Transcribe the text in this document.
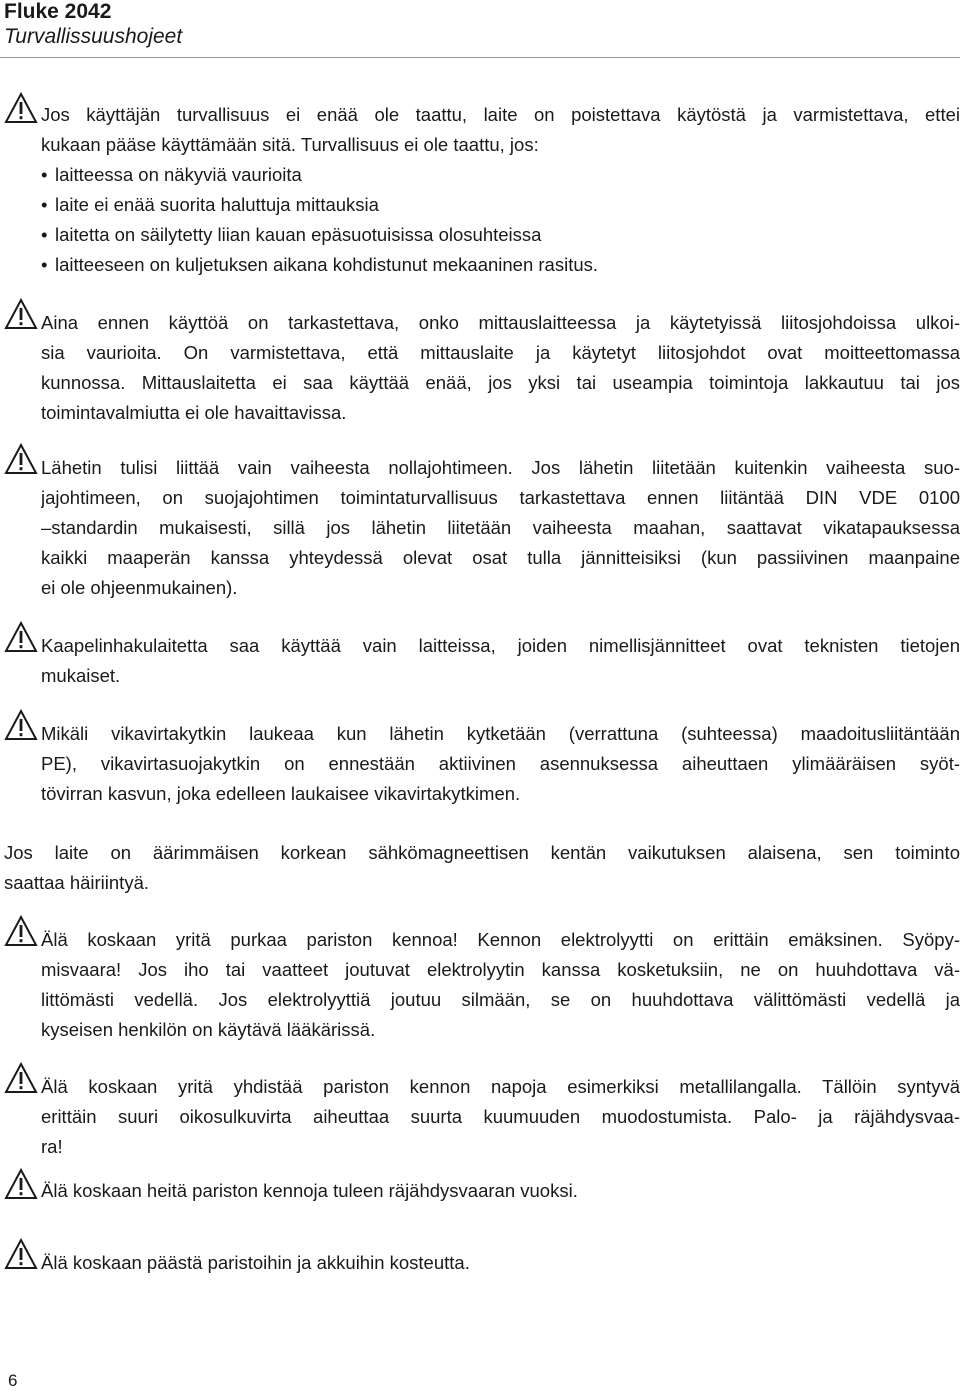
Fluke 2042
Turvallissuushojeet
Jos käyttäjän turvallisuus ei enää ole taattu, laite on poistettava käytöstä ja varmistettava, ettei
kukaan pääse käyttämään sitä. Turvallisuus ei ole taattu, jos:
• laitteessa on näkyviä vaurioita
• laite ei enää suorita haluttuja mittauksia
• laitetta on säilytetty liian kauan epäsuotuisissa olosuhteissa
• laitteeseen on kuljetuksen aikana kohdistunut mekaaninen rasitus.
Aina ennen käyttöä on tarkastettava, onko mittauslaitteessa ja käytetyissä liitosjohdoissa ulkoi-
sia vaurioita. On varmistettava, että mittauslaite ja käytetyt liitosjohdot ovat moitteettomassa
kunnossa. Mittauslaitetta ei saa käyttää enää, jos yksi tai useampia toimintoja lakkautuu tai jos
toimintavalmiutta ei ole havaittavissa.
Lähetin tulisi liittää vain vaiheesta nollajohtimeen. Jos lähetin liitetään kuitenkin vaiheesta suo-
jajohtimeen, on suojajohtimen toimintaturvallisuus tarkastettava ennen liitäntää DIN VDE 0100
–standardin mukaisesti, sillä jos lähetin liitetään vaiheesta maahan, saattavat vikatapauksessa
kaikki maaperän kanssa yhteydessä olevat osat tulla jännitteisiksi (kun passiivinen maanpaine
ei ole ohjeenmukainen).
Kaapelinhakulaitetta saa käyttää vain laitteissa, joiden nimellisjännitteet ovat teknisten tietojen
mukaiset.
Mikäli vikavirtakytkin laukeaa kun lähetin kytketään (verrattuna (suhteessa) maadoitusliitäntään
PE), vikavirtasuojakytkin on ennestään aktiivinen asennuksessa aiheuttaen ylimääräisen syöt-
tövirran kasvun, joka edelleen laukaisee vikavirtakytkimen.
Jos laite on äärimmäisen korkean sähkömagneettisen kentän vaikutuksen alaisena, sen toiminto
saattaa häiriintyä.
Älä koskaan yritä purkaa pariston kennoa! Kennon elektrolyytti on erittäin emäksinen. Syöpy-
misvaara! Jos iho tai vaatteet joutuvat elektrolyytin kanssa kosketuksiin, ne on huuhdottava vä-
littömästi vedellä. Jos elektrolyyttiä joutuu silmään, se on huuhdottava välittömästi vedellä ja
kyseisen henkilön on käytävä lääkärissä.
Älä koskaan yritä yhdistää pariston kennon napoja esimerkiksi metallilangalla. Tällöin syntyvä
erittäin suuri oikosulkuvirta aiheuttaa suurta kuumuuden muodostumista. Palo- ja räjähdysvaa-
ra!
Älä koskaan heitä pariston kennoja tuleen räjähdysvaaran vuoksi.
Älä koskaan päästä paristoihin ja akkuihin kosteutta.
6
